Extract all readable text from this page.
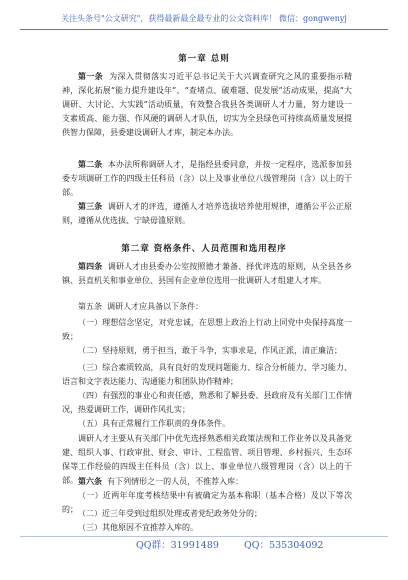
关注头条号"公文研究"，获得最新最全最专业的公文资料库！ 微信：gongwenyj
第一章 总则
第一条 为深入贯彻落实习近平总书记关于大兴调查研究之风的重要指示精神，深化拓展“能力提升建设年”、“查堵点、破难题、促发展”活动成果，提高“大调研、大讨论、大实践”活动质量，有效整合我县各类调研人才力量，努力建设一支素质高、能力强、作风硬的调研人才队伍，切实为全县绿色可持续高质量发展提供智力保障，县委建设调研人才库，制定本办法。
第二条 本办法所称调研人才，是指经县委同意，并按一定程序，选派参加县委专项调研工作的四级主任科员（含）以上及事业单位八级管理岗（含）以上的干部。
第三条 调研人才的评选，遵循人才培养选拔培养使用规律，遵循公平公正原则，遵循从优选拔、宁缺毋滥原则。
第二章 资格条件、人员范围和选用程序
第四条 调研人才由县委办公室按照德才兼备、择优评选的原则，从全县各乡镇、县直机关和事业单位、县国有企业单位选用一批调研人才组建人才库。
第五条 调研人才应具备以下条件：
（一）理想信念坚定，对党忠诚，在思想上政治上行动上同党中央保持高度一致；
（二）坚持原则，勇于担当，敢于斗争，实事求是，作风正派，清正廉洁；
（三）综合素质较高，具有良好的发现问题能力、综合分析能力、学习能力、语言和文字表达能力、沟通能力和团队协作精神；
（四）有强烈的事业心和责任感，熟悉和了解县委、县政府及有关部门工作情况，热爱调研工作，调研作风扎实；
（五）具有正常履行工作职责的身体条件。
调研人才主要从有关部门中优先选择熟悉相关政策法规和工作业务以及具备党建、组织人事、行政审批、财会、审计、工程监管、项目管理、乡村振兴、生态环保等工作经验的四级主任科员（含）以上、事业单位八级管理岗（含）以上的干部。 第六条 有下列情形之一的人员，不推荐入库：
（一）近两年年度考核结果中有被确定为基本称职（基本合格）及以下等次的； （二）近三年受到过组织处理或者党纪政务处分的；
（三）其他原因不宜推荐入库的。
QQ群：31991489	QQ：535304092
